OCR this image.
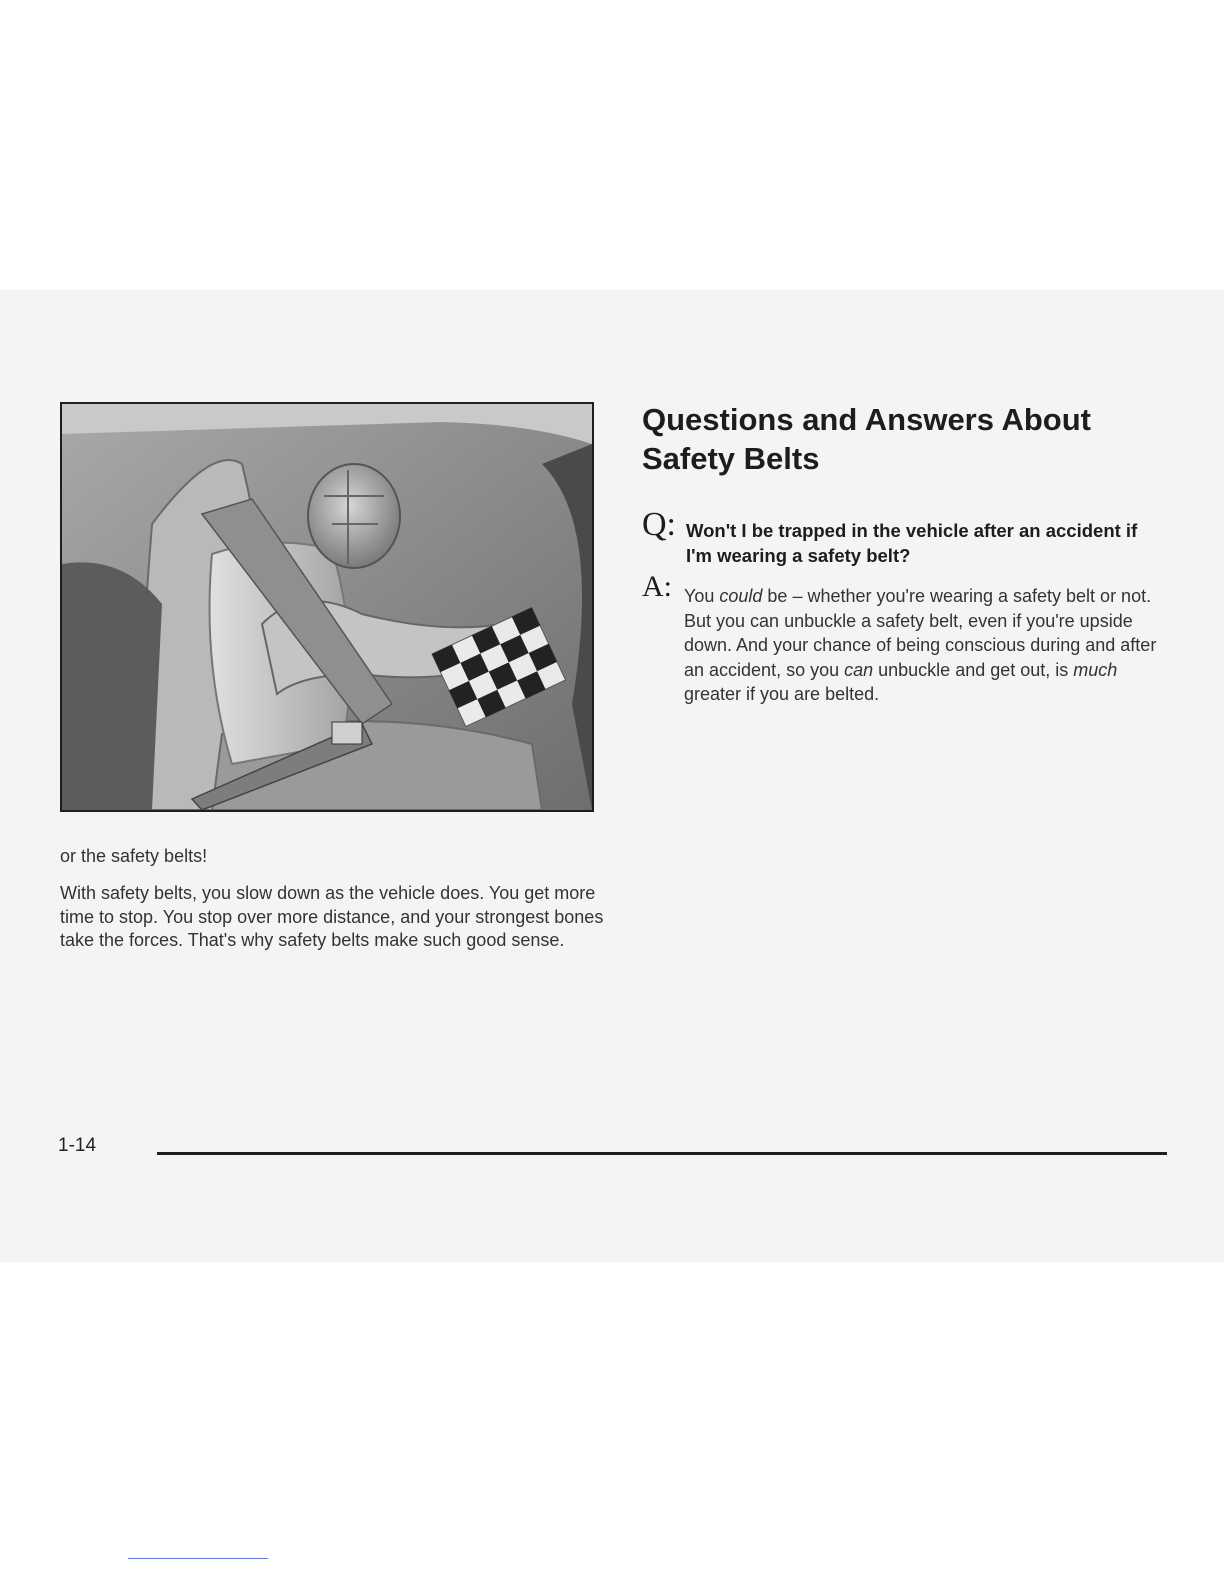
or the safety belts!
With safety belts, you slow down as the vehicle does. You get more time to stop. You stop over more distance, and your strongest bones take the forces. That's why safety belts make such good sense.
Questions and Answers About Safety Belts
Q: Won't I be trapped in the vehicle after an accident if I'm wearing a safety belt?
A: You could be – whether you're wearing a safety belt or not. But you can unbuckle a safety belt, even if you're upside down. And your chance of being conscious during and after an accident, so you can unbuckle and get out, is much greater if you are belted.
1-14
